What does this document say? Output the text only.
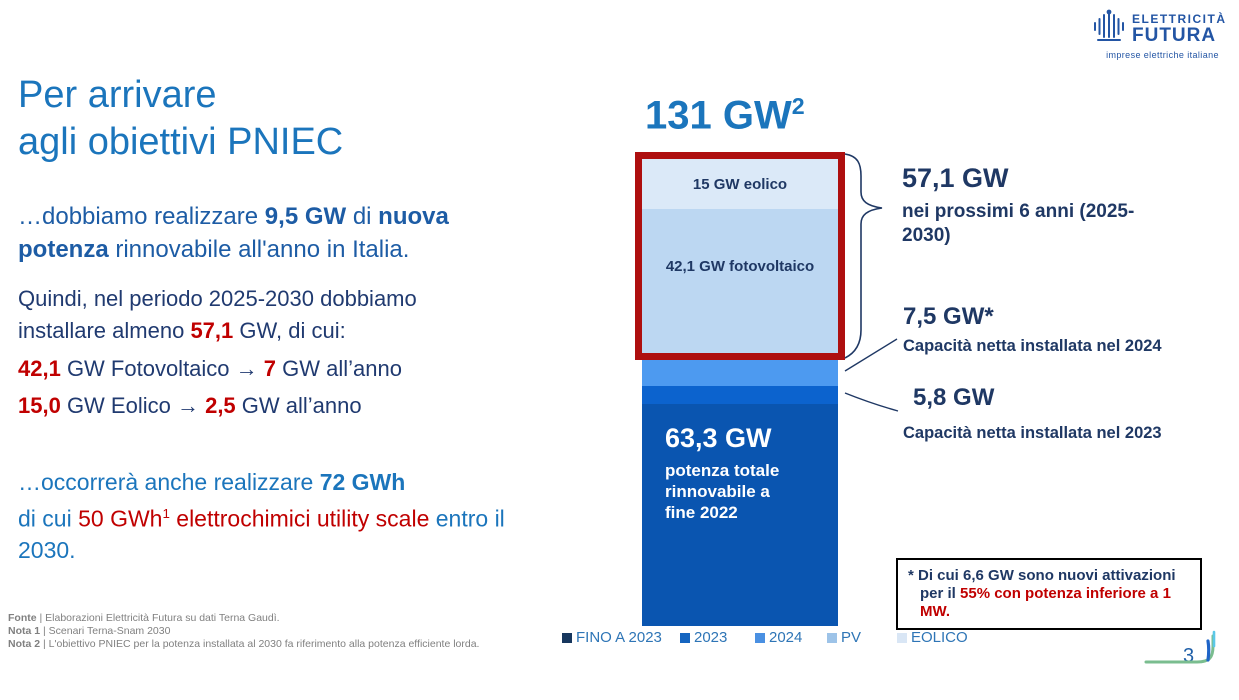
ELETTRICITÀ
FUTURA
imprese elettriche italiane
Per arrivare
agli obiettivi PNIEC
…dobbiamo realizzare 9,5 GW di nuova
potenza rinnovabile all'anno in Italia.
Quindi, nel periodo 2025-2030 dobbiamo
installare almeno 57,1 GW, di cui:
42,1 GW Fotovoltaico → 7 GW all’anno
15,0 GW Eolico → 2,5 GW all’anno
…occorrerà anche realizzare 72 GWh
di cui 50 GWh$^1$ elettrochimici utility scale entro il
2030.
131 $GW^2$
15 GW eolico
42,1 GW fotovoltaico
63,3 GW
potenza totale
rinnovabile a
fine 2022
57,1 GW
nei prossimi 6 anni (2025-
2030)
7,5 GW*
Capacità netta installata nel 2024
5,8 GW
Capacità netta installata nel 2023
* Di cui 6,6 GW sono nuovi attivazioni
per il 55% con potenza inferiore a 1
MW.
FINO A 2023 2023	2024	PV	EOLICO
Fonte | Elaborazioni Elettricità Futura su dati Terna Gaudì.
Nota 1 | Scenari Terna-Snam 2030
Nota 2 | L'obiettivo PNIEC per la potenza installata al 2030 fa riferimento alla potenza efficiente lorda.
3
